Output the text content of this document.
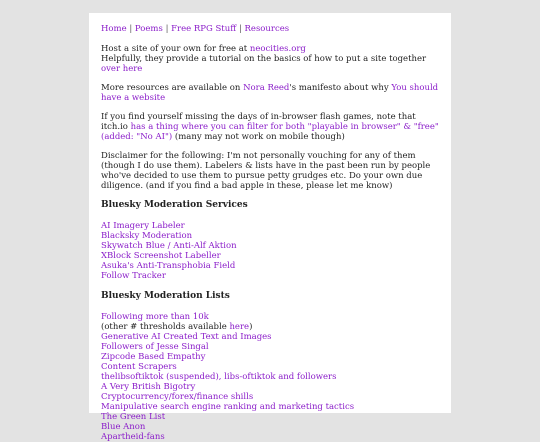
Home | Poems | Free RPG Stuff | Resources

Host a site of your own for free at neocities.org
Helpfully, they provide a tutorial on the basics of how to put a site together over here

More resources are available on Nora Reed's manifesto about why You should have a website

If you find yourself missing the days of in-browser flash games, note that itch.io has a thing where you can filter for both "playable in browser" & "free" (added: "No AI") (many may not work on mobile though)

Disclaimer for the following: I'm not personally vouching for any of them (though I do use them). Labelers & lists have in the past been run by people who've decided to use them to pursue petty grudges etc. Do your own due diligence. (and if you find a bad apple in these, please let me know)

Bluesky Moderation Services
AI Imagery Labeler
Blacksky Moderation
Skywatch Blue / Anti-Alf Aktion
XBlock Screenshot Labeller
Asuka's Anti-Transphobia Field
Follow Tracker
Bluesky Moderation Lists
Following more than 10k
(other # thresholds available here)
Generative AI Created Text and Images
Followers of Jesse Singal
Zipcode Based Empathy
Content Scrapers
thelibsoftiktok (suspended), libs-oftiktok and followers
A Very British Bigotry
Cryptocurrency/forex/finance shills
Manipulative search engine ranking and marketing tactics
The Green List
Blue Anon
Apartheid-fans
